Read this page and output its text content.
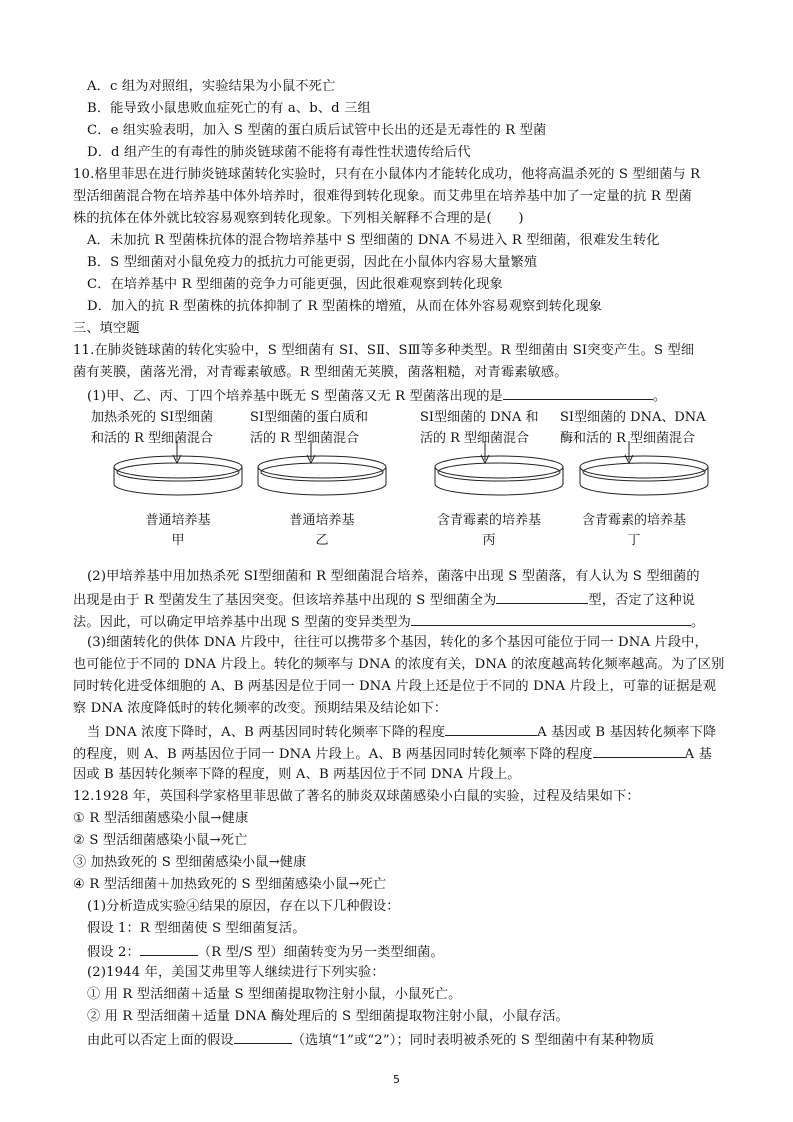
A．c 组为对照组，实验结果为小鼠不死亡
B．能导致小鼠患败血症死亡的有 a、b、d 三组
C．e 组实验表明，加入 S 型菌的蛋白质后试管中长出的还是无毒性的 R 型菌
D．d 组产生的有毒性的肺炎链球菌不能将有毒性性状遗传给后代
10.格里菲思在进行肺炎链球菌转化实验时，只有在小鼠体内才能转化成功，他将高温杀死的 S 型细菌与 R
型活细菌混合物在培养基中体外培养时，很难得到转化现象。而艾弗里在培养基中加了一定量的抗 R 型菌
株的抗体在体外就比较容易观察到转化现象。下列相关解释不合理的是(　　)
A．未加抗 R 型菌株抗体的混合物培养基中 S 型细菌的 DNA 不易进入 R 型细菌，很难发生转化
B．S 型细菌对小鼠免疫力的抵抗力可能更弱，因此在小鼠体内容易大量繁殖
C．在培养基中 R 型细菌的竞争力可能更强，因此很难观察到转化现象
D．加入的抗 R 型菌株的抗体抑制了 R 型菌株的增殖，从而在体外容易观察到转化现象
三、填空题
11.在肺炎链球菌的转化实验中，S 型细菌有 SⅠ、SⅡ、SⅢ等多种类型。R 型细菌由 SⅠ突变产生。S 型细
菌有荚膜，菌落光滑，对青霉素敏感。R 型细菌无荚膜，菌落粗糙，对青霉素敏感。
(1)甲、乙、丙、丁四个培养基中既无 S 型菌落又无 R 型菌落出现的是	。
加热杀死的 SⅠ型细菌
和活的 R 型细菌混合
SⅠ型细菌的蛋白质和
活的 R 型细菌混合
SⅠ型细菌的 DNA 和
活的 R 型细菌混合
SⅠ型细菌的 DNA、DNA
酶和活的 R 型细菌混合
普通培养基
甲
普通培养基
乙
含青霉素的培养基
丙
含青霉素的培养基
丁
(2)甲培养基中用加热杀死 SⅠ型细菌和 R 型细菌混合培养，菌落中出现 S 型菌落，有人认为 S 型细菌的
出现是由于 R 型菌发生了基因突变。但该培养基中出现的 S 型细菌全为	型，否定了这种说
法。因此，可以确定甲培养基中出现 S 型菌的变异类型为	。
(3)细菌转化的供体 DNA 片段中，往往可以携带多个基因，转化的多个基因可能位于同一 DNA 片段中，
也可能位于不同的 DNA 片段上。转化的频率与 DNA 的浓度有关，DNA 的浓度越高转化频率越高。为了区别
同时转化进受体细胞的 A、B 两基因是位于同一 DNA 片段上还是位于不同的 DNA 片段上，可靠的证据是观
察 DNA 浓度降低时的转化频率的改变。预期结果及结论如下：
当 DNA 浓度下降时，A、B 两基因同时转化频率下降的程度	A 基因或 B 基因转化频率下降
的程度，则 A、B 两基因位于同一 DNA 片段上。A、B 两基因同时转化频率下降的程度	A 基
因或 B 基因转化频率下降的程度，则 A、B 两基因位于不同 DNA 片段上。
12.1928 年，英国科学家格里菲思做了著名的肺炎双球菌感染小白鼠的实验，过程及结果如下：
① R 型活细菌感染小鼠→健康
② S 型活细菌感染小鼠→死亡
③ 加热致死的 S 型细菌感染小鼠→健康
④ R 型活细菌＋加热致死的 S 型细菌感染小鼠→死亡
(1)分析造成实验④结果的原因，存在以下几种假设：
假设 1：R 型细菌使 S 型细菌复活。
假设 2：	（R 型/S 型）细菌转变为另一类型细菌。
(2)1944 年，美国艾弗里等人继续进行下列实验：
① 用 R 型活细菌＋适量 S 型细菌提取物注射小鼠，小鼠死亡。
② 用 R 型活细菌＋适量 DNA 酶处理后的 S 型细菌提取物注射小鼠，小鼠存活。
由此可以否定上面的假设	（选填“1”或“2”）；同时表明被杀死的 S 型细菌中有某种物质
5
